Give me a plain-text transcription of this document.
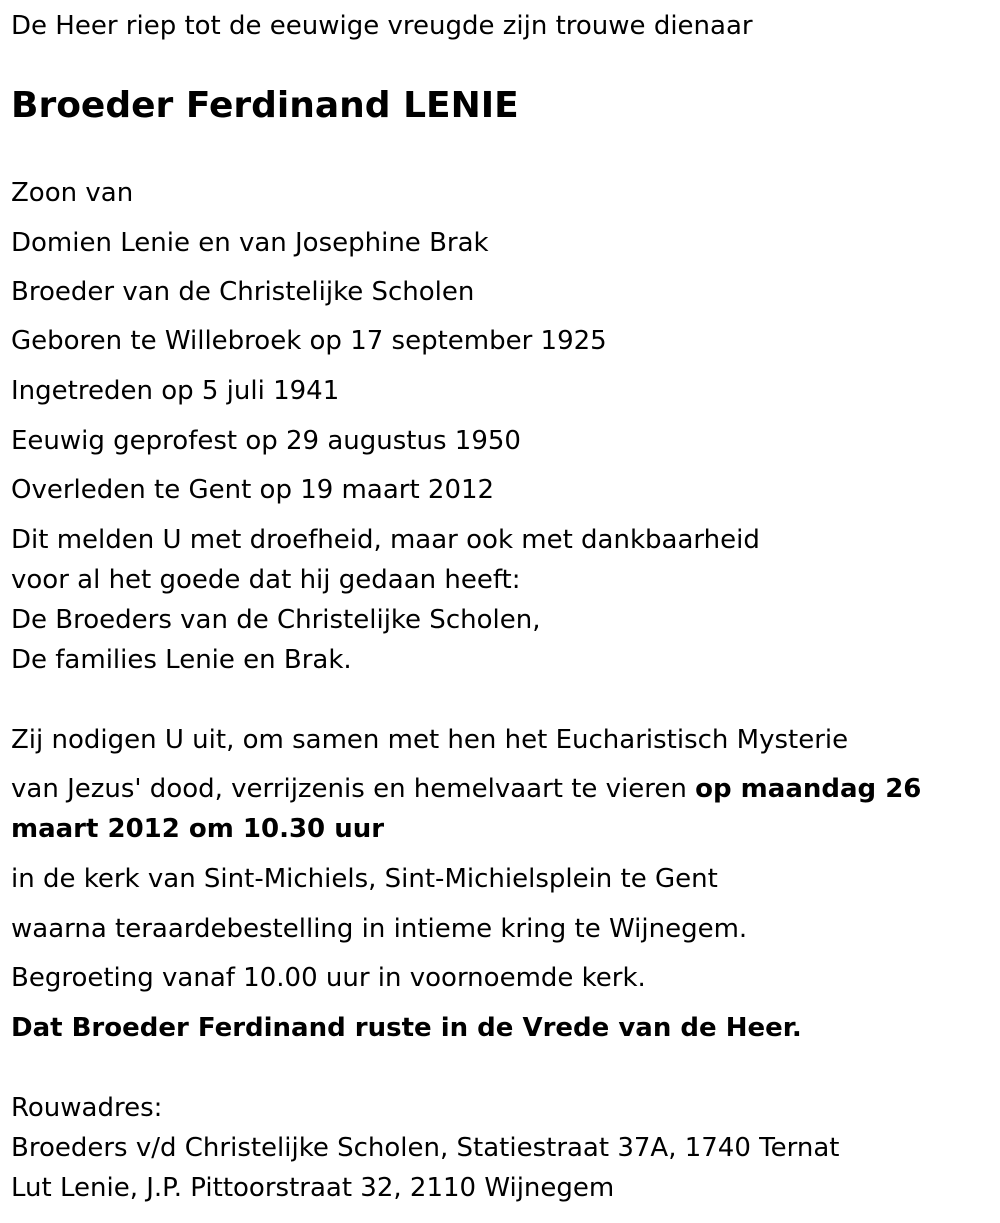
De Heer riep tot de eeuwige vreugde zijn trouwe dienaar
Broeder Ferdinand LENIE
Zoon van
Domien Lenie en van Josephine Brak
Broeder van de Christelijke Scholen
Geboren te Willebroek op 17 september 1925
Ingetreden op 5 juli 1941
Eeuwig geprofest op 29 augustus 1950
Overleden te Gent op 19 maart 2012
Dit melden U met droefheid, maar ook met dankbaarheid
voor al het goede dat hij gedaan heeft:
De Broeders van de Christelijke Scholen,
De families Lenie en Brak.
Zij nodigen U uit, om samen met hen het Eucharistisch Mysterie
van Jezus' dood, verrijzenis en hemelvaart te vieren op maandag 26 maart 2012 om 10.30 uur
in de kerk van Sint-Michiels, Sint-Michielsplein te Gent
waarna teraardebestelling in intieme kring te Wijnegem.
Begroeting vanaf 10.00 uur in voornoemde kerk.
Dat Broeder Ferdinand ruste in de Vrede van de Heer.
Rouwadres:
Broeders v/d Christelijke Scholen, Statiestraat 37A, 1740 Ternat
Lut Lenie, J.P. Pittoorstraat 32, 2110 Wijnegem
